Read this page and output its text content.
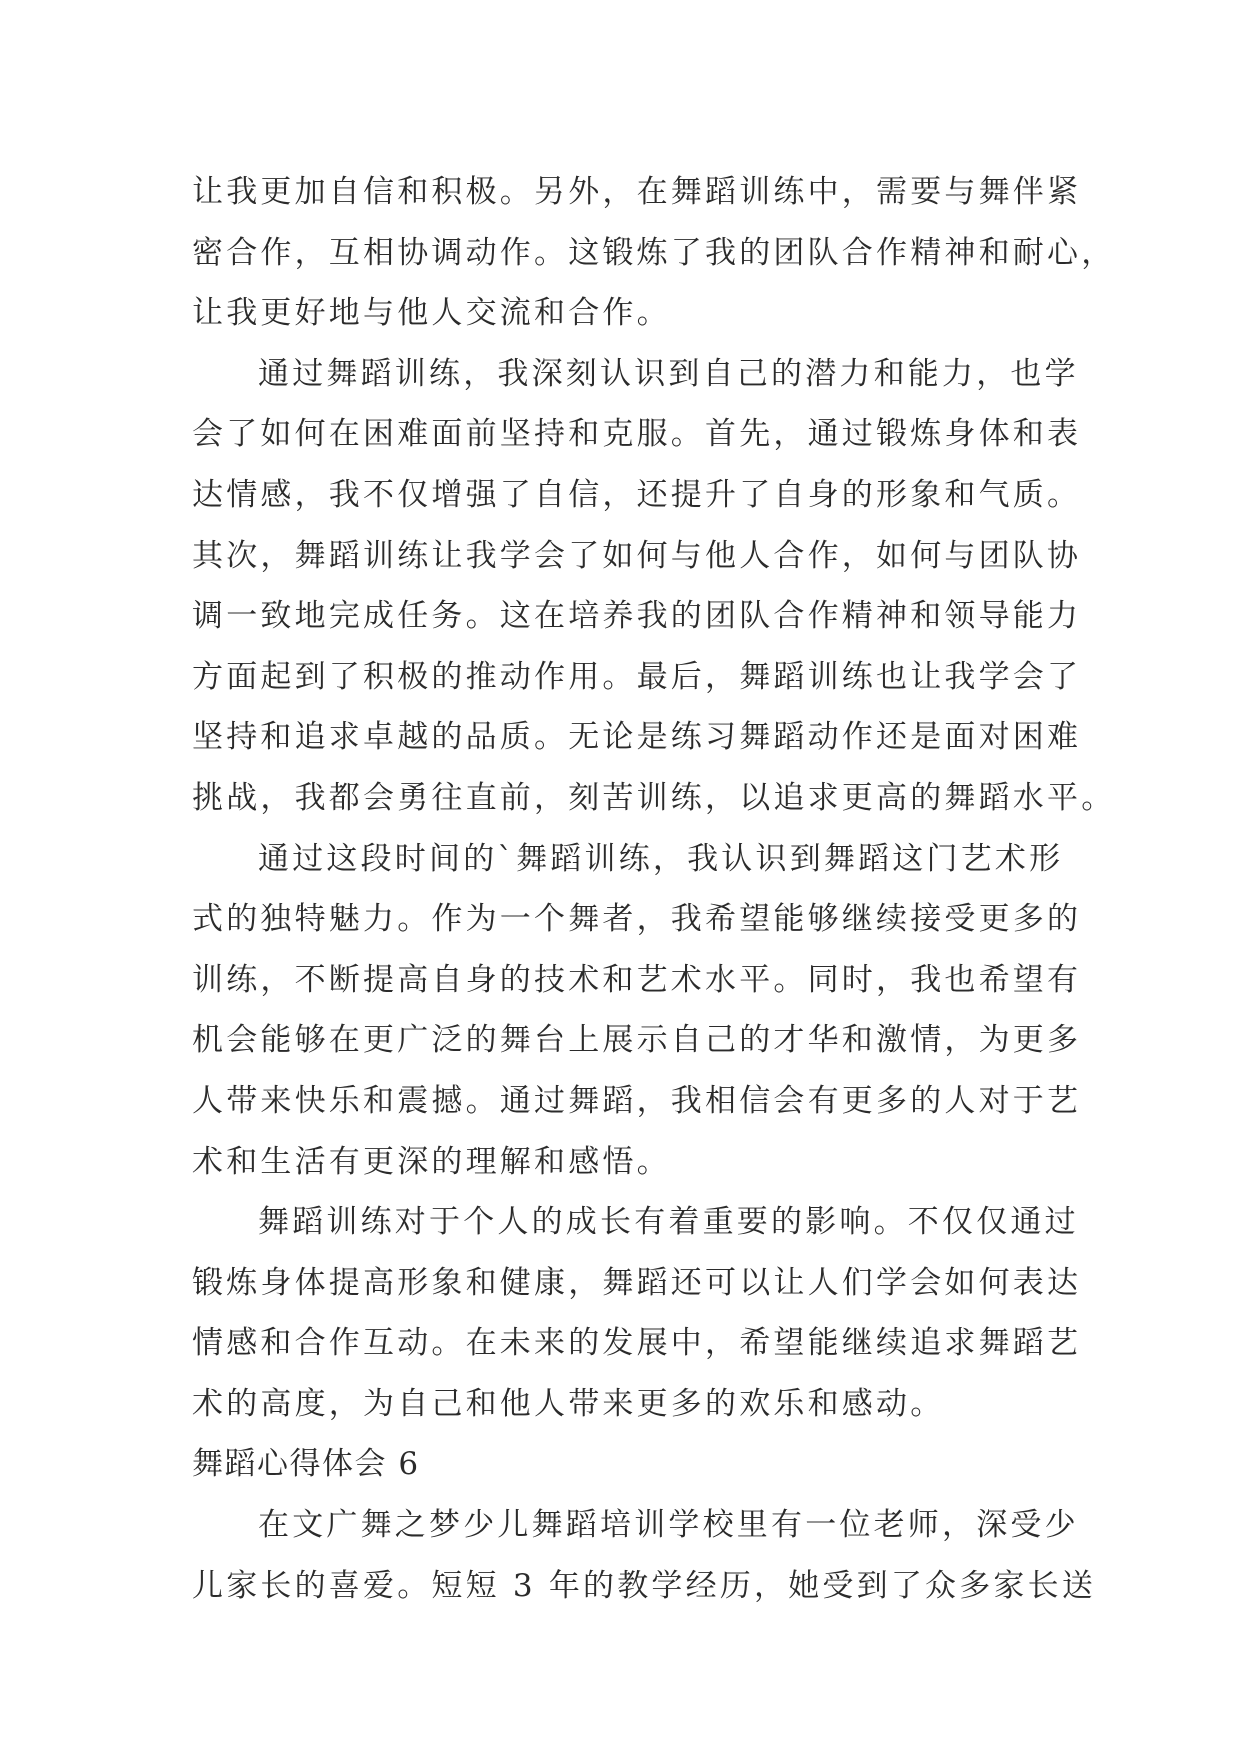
让我更加自信和积极。另外，在舞蹈训练中，需要与舞伴紧
密合作，互相协调动作。这锻炼了我的团队合作精神和耐心，
让我更好地与他人交流和合作。
通过舞蹈训练，我深刻认识到自己的潜力和能力，也学
会了如何在困难面前坚持和克服。首先，通过锻炼身体和表
达情感，我不仅增强了自信，还提升了自身的形象和气质。
其次，舞蹈训练让我学会了如何与他人合作，如何与团队协
调一致地完成任务。这在培养我的团队合作精神和领导能力
方面起到了积极的推动作用。最后，舞蹈训练也让我学会了
坚持和追求卓越的品质。无论是练习舞蹈动作还是面对困难
挑战，我都会勇往直前，刻苦训练，以追求更高的舞蹈水平。
通过这段时间的`舞蹈训练，我认识到舞蹈这门艺术形
式的独特魅力。作为一个舞者，我希望能够继续接受更多的
训练，不断提高自身的技术和艺术水平。同时，我也希望有
机会能够在更广泛的舞台上展示自己的才华和激情，为更多
人带来快乐和震撼。通过舞蹈，我相信会有更多的人对于艺
术和生活有更深的理解和感悟。
舞蹈训练对于个人的成长有着重要的影响。不仅仅通过
锻炼身体提高形象和健康，舞蹈还可以让人们学会如何表达
情感和合作互动。在未来的发展中，希望能继续追求舞蹈艺
术的高度，为自己和他人带来更多的欢乐和感动。
舞蹈心得体会 6
在文广舞之梦少儿舞蹈培训学校里有一位老师，深受少
儿家长的喜爱。短短 3 年的教学经历，她受到了众多家长送
